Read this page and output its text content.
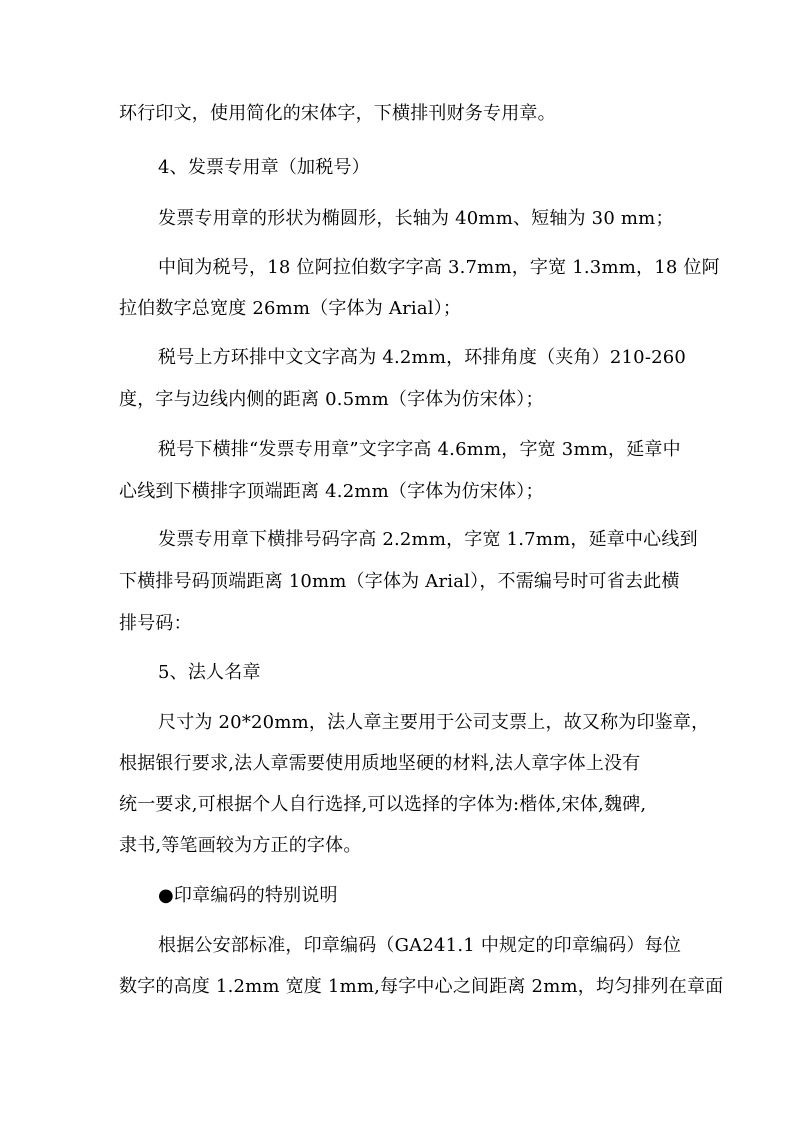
环行印文，使用简化的宋体字，下横排刊财务专用章。
4、发票专用章（加税号）
发票专用章的形状为椭圆形，长轴为 40mm、短轴为 30 mm；
中间为税号，18 位阿拉伯数字字高 3.7mm，字宽 1.3mm，18 位阿
拉伯数字总宽度 26mm（字体为 Arial）；
税号上方环排中文文字高为 4.2mm，环排角度（夹角）210-260
度，字与边线内侧的距离 0.5mm（字体为仿宋体）；
税号下横排“发票专用章”文字字高 4.6mm，字宽 3mm，延章中
心线到下横排字顶端距离 4.2mm（字体为仿宋体）；
发票专用章下横排号码字高 2.2mm，字宽 1.7mm，延章中心线到
下横排号码顶端距离 10mm（字体为 Arial），不需编号时可省去此横
排号码：
5、法人名章
尺寸为 20*20mm，法人章主要用于公司支票上，故又称为印鉴章，
根据银行要求,法人章需要使用质地坚硬的材料,法人章字体上没有
统一要求,可根据个人自行选择,可以选择的字体为:楷体,宋体,魏碑,
隶书,等笔画较为方正的字体。
●印章编码的特别说明
根据公安部标准，印章编码（GA241.1 中规定的印章编码）每位
数字的高度 1.2mm 宽度 1mm,每字中心之间距离 2mm，均匀排列在章面
